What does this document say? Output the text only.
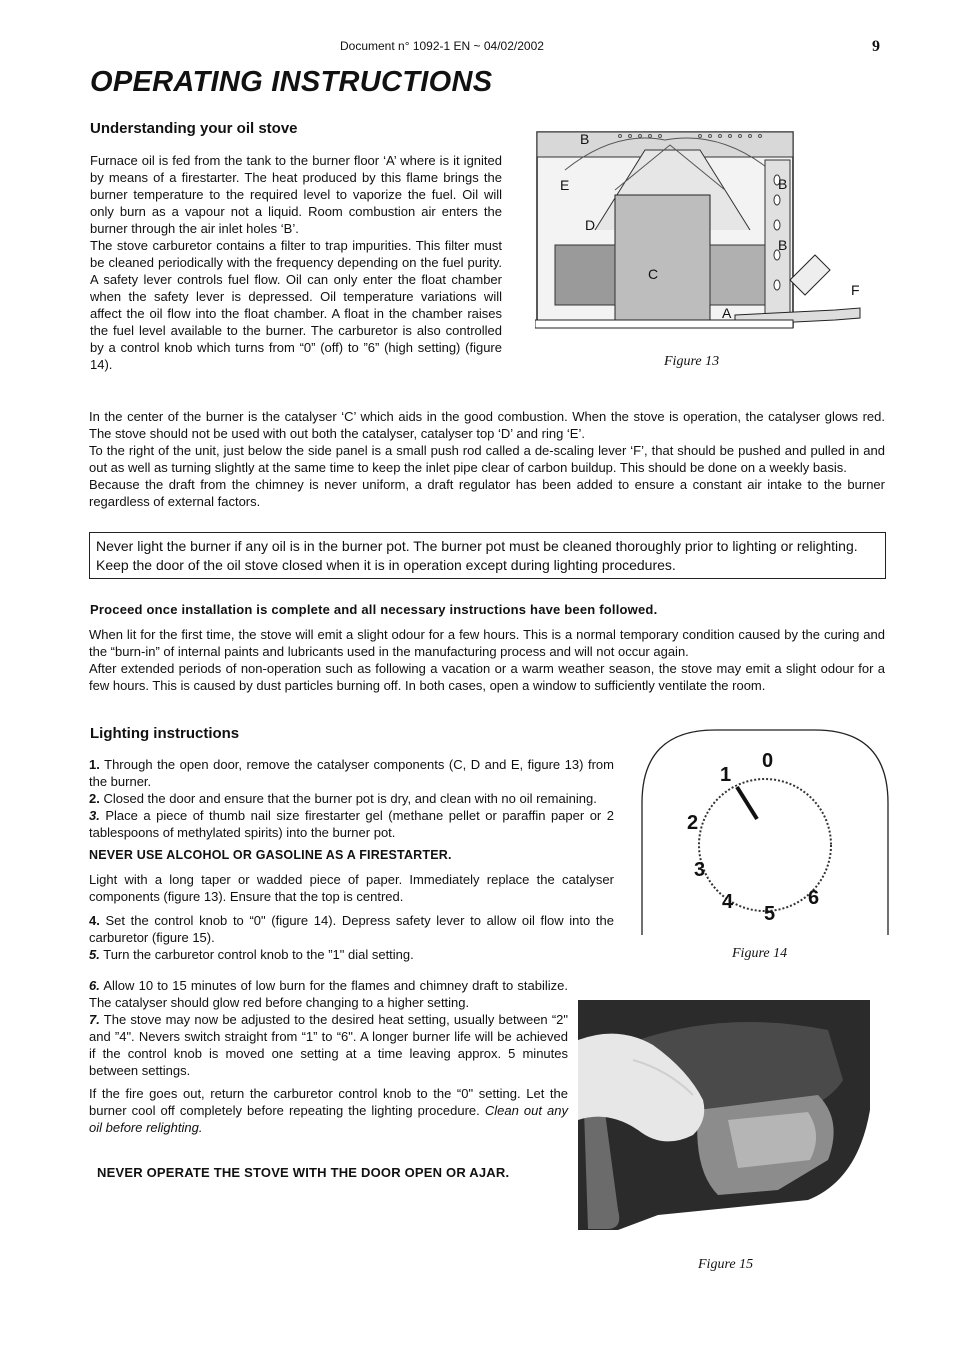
Document n° 1092-1 EN ~ 04/02/2002	9
OPERATING INSTRUCTIONS
Understanding your oil stove

Furnace oil is fed from the tank to the burner floor ‘A’ where is it ignited by means of a firestarter. The heat produced by this flame brings the burner temperature to the required level to vaporize the fuel. Oil will only burn as a vapour not a liquid. Room combustion air enters the burner through the air inlet holes ‘B’.

The stove carburetor contains a filter to trap impurities. This filter must be cleaned periodically with the frequency depending on the fuel purity. A safety lever controls fuel flow. Oil can only enter the float chamber when the safety lever is depressed. Oil temperature variations will affect the oil flow into the float chamber. A float in the chamber raises the fuel level available to the burner. The carburetor is also controlled by a control knob which turns from “0” (off) to ”6” (high setting) (figure 14).

B
E	B
D
B
C
F
A
Figure 13

In the center of the burner is the catalyser ‘C’ which aids in the good combustion. When the stove is operation, the catalyser glows red. The stove should not be used with out both the catalyser, catalyser top ‘D’ and ring ‘E’.

To the right of the unit, just below the side panel is a small push rod called a de-scaling lever ‘F’, that should be pushed and pulled in and out as well as turning slightly at the same time to keep the inlet pipe clear of carbon buildup. This should be done on a weekly basis.

Because the draft from the chimney is never uniform, a draft regulator has been added to ensure a constant air intake to the burner regardless of external factors.

Never light the burner if any oil is in the burner pot. The burner pot must be cleaned thoroughly prior to lighting or relighting.
Keep the door of the oil stove closed when it is in operation except during lighting procedures.
Proceed once installation is complete and all necessary instructions have been followed.

When lit for the first time, the stove will emit a slight odour for a few hours. This is a normal temporary condition caused by the curing and the “burn-in” of internal paints and lubricants used in the manufacturing process and will not occur again.

After extended periods of non-operation such as following a vacation or a warm weather season, the stove may emit a slight odour for a few hours. This is caused by dust particles burning off. In both cases, open a window to sufficiently ventilate the room.

Lighting instructions

1. Through the open door, remove the catalyser components (C, D and E, figure 13) from the burner.

2. Closed the door and ensure that the burner pot is dry, and clean with no oil remaining.

3. Place a piece of thumb nail size firestarter gel (methane pellet or paraffin paper or 2 tablespoons of methylated spirits) into the burner pot.

NEVER USE ALCOHOL OR GASOLINE AS A FIRESTARTER.

Light with a long taper or wadded piece of paper. Immediately replace the catalyser components (figure 13). Ensure that the top is centred.

4. Set the control knob to “0" (figure 14). Depress safety lever to allow oil flow into the carburetor (figure 15).

5. Turn the carburetor control knob to the ”1" dial setting.

6. Allow 10 to 15 minutes of low burn for the flames and chimney draft to stabilize. The catalyser should glow red before changing to a higher setting.

7. The stove may now be adjusted to the desired heat setting, usually between “2" and ”4". Nevers switch straight from “1” to “6". A longer burner life will be achieved if the control knob is moved one setting at a time leaving approx. 5 minutes between settings.

If the fire goes out, return the carburetor control knob to the “0" setting. Let the burner cool off completely before repeating the lighting procedure. Clean out any oil before relighting.

NEVER OPERATE THE STOVE WITH THE DOOR OPEN OR AJAR.
0
1
2
3
4
5
6
Figure 14
Figure 15
